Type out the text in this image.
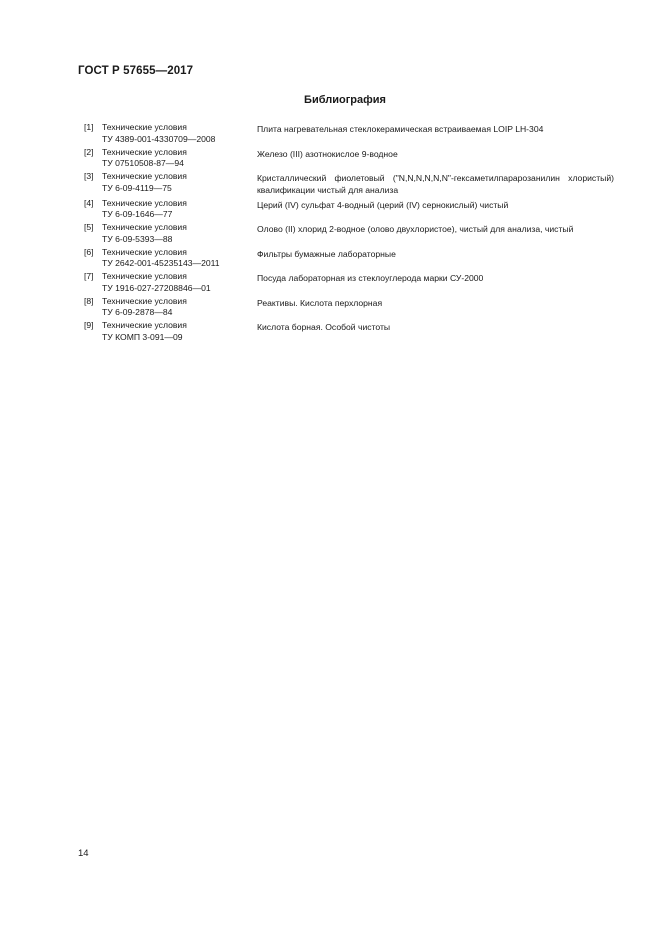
ГОСТ Р 57655—2017
Библиография
[1] Технические условия
ТУ 4389-001-4330709—2008
Плита нагревательная стеклокерамическая встраиваемая LOIP LH-304
[2] Технические условия
ТУ 07510508-87—94
Железо (III) азотнокислое 9-водное
[3] Технические условия
ТУ 6-09-4119—75
Кристаллический фиолетовый ("N,N,N,N,N,N"-гексаметилпарарозанилин хлористый) квалификации чистый для анализа
[4] Технические условия
ТУ 6-09-1646—77
Церий (IV) сульфат 4-водный (церий (IV) сернокислый) чистый
[5] Технические условия
ТУ 6-09-5393—88
Олово (II) хлорид 2-водное (олово двухлористое), чистый для анализа, чистый
[6] Технические условия
ТУ 2642-001-45235143—2011
Фильтры бумажные лабораторные
[7] Технические условия
ТУ 1916-027-27208846—01
Посуда лабораторная из стеклоуглерода марки СУ-2000
[8] Технические условия
ТУ 6-09-2878—84
Реактивы. Кислота перхлорная
[9] Технические условия
ТУ КОМП 3-091—09
Кислота борная. Особой чистоты

14
